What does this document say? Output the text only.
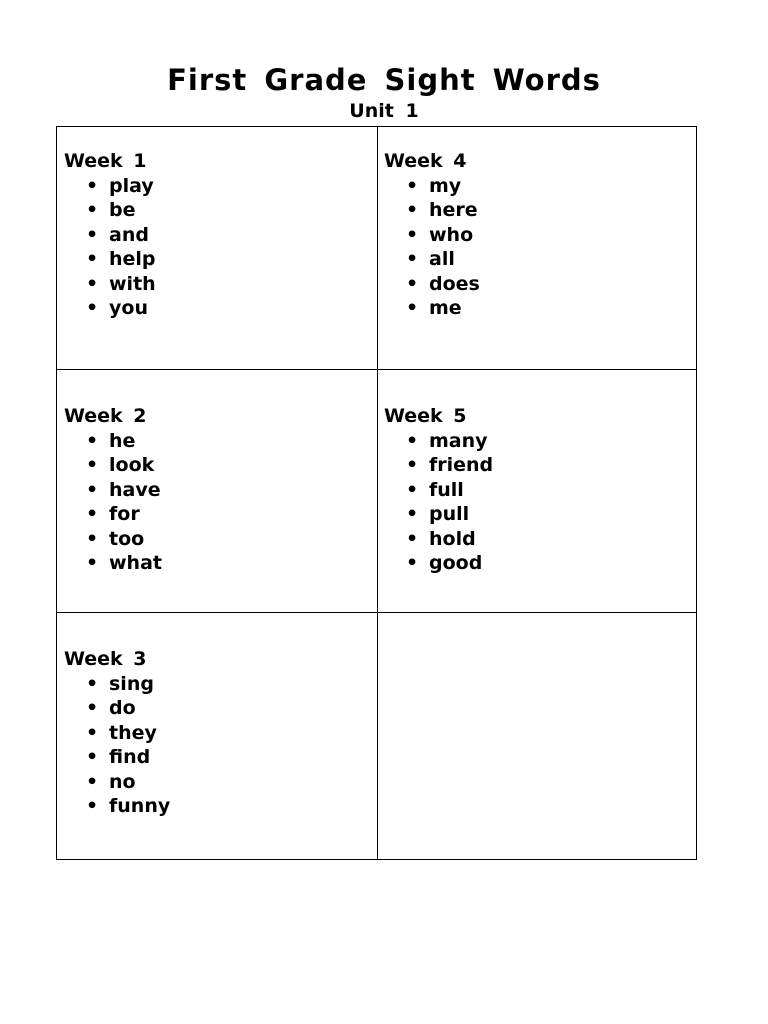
First Grade Sight Words
Unit 1
Week 1
• play
• be
• and
• help
• with
• you
Week 4
• my
• here
• who
• all
• does
• me
Week 2
• he
• look
• have
• for
• too
• what
Week 5
• many
• friend
• full
• pull
• hold
• good
Week 3
• sing
• do
• they
• find
• no
• funny
